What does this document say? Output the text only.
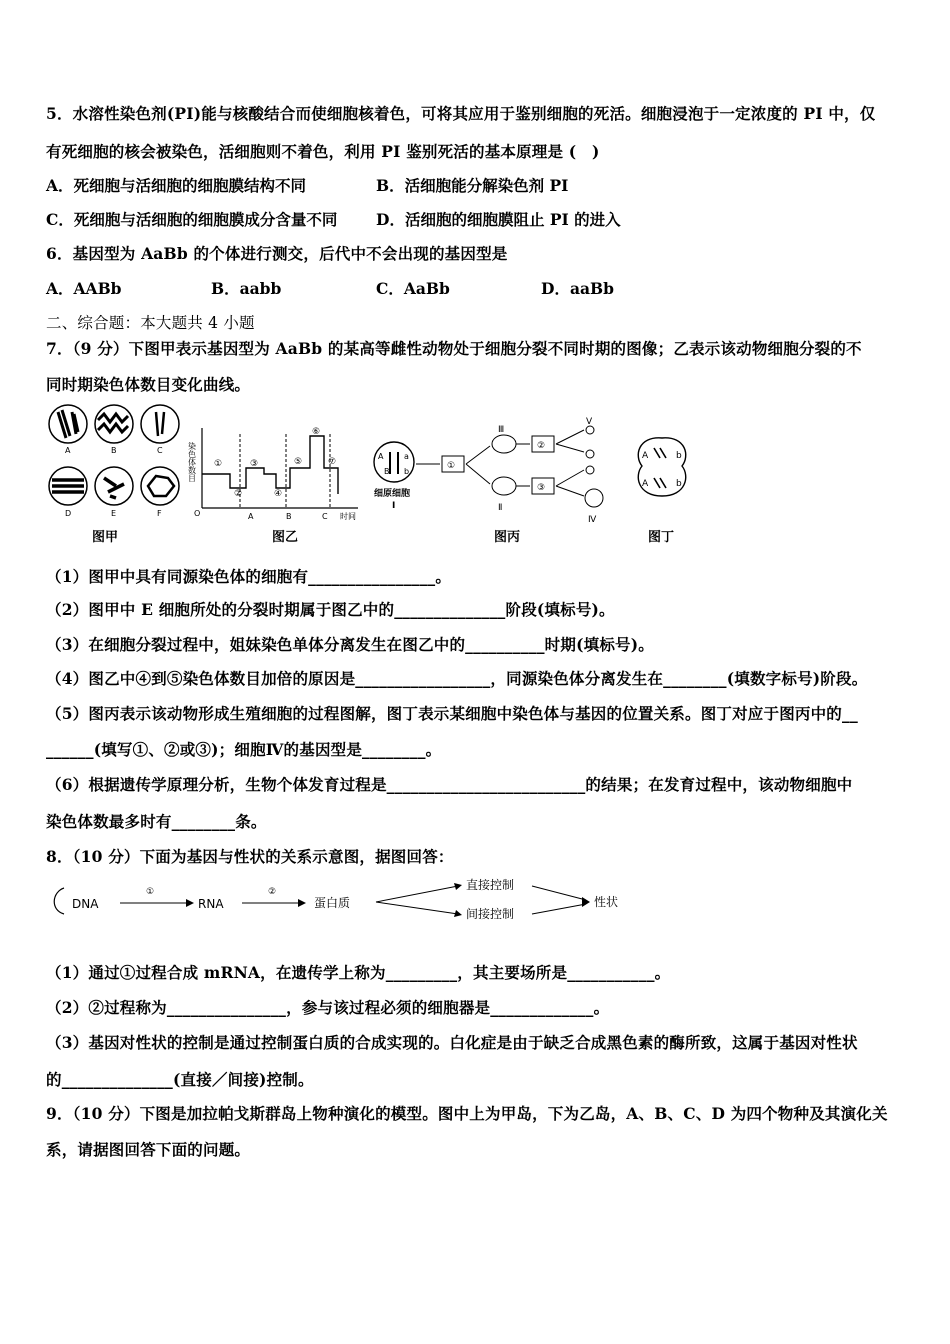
5．水溶性染色剂(PI)能与核酸结合而使细胞核着色，可将其应用于鉴别细胞的死活。细胞浸泡于一定浓度的 PI 中，仅
有死细胞的核会被染色，活细胞则不着色，利用 PI 鉴别死活的基本原理是 (　)
A．死细胞与活细胞的细胞膜结构不同	B．活细胞能分解染色剂 PI
C．死细胞与活细胞的细胞膜成分含量不同 D．活细胞的细胞膜阻止 PI 的进入
6．基因型为 AaBb 的个体进行测交，后代中不会出现的基因型是
A．AABb	B．aabb	C．AaBb	D．aaBb
二、综合题：本大题共 4 小题
7．（9 分）下图甲表示基因型为 AaBb 的某高等雌性动物处于细胞分裂不同时期的图像；乙表示该动物细胞分裂的不
同时期染色体数目变化曲线。
A	B	C
D	E	F
染色体数目
O
①
②
③
④
⑤
⑥
⑦
A	B	C 时间
A	a
B b
细原细胞
Ⅰ
①
Ⅲ
Ⅱ
②
③
Ⅴ
Ⅳ
A	b
A	b
图甲	图乙	图丙	图丁
（1）图甲中具有同源染色体的细胞有________________。
（2）图甲中 E 细胞所处的分裂时期属于图乙中的______________阶段(填标号)。
（3）在细胞分裂过程中，姐妹染色单体分离发生在图乙中的__________时期(填标号)。
（4）图乙中④到⑤染色体数目加倍的原因是_________________，同源染色体分离发生在________(填数字标号)阶段。
（5）图丙表示该动物形成生殖细胞的过程图解，图丁表示某细胞中染色体与基因的位置关系。图丁对应于图丙中的__
______(填写①、②或③)；细胞Ⅳ的基因型是________。
（6）根据遗传学原理分析，生物个体发育过程是_________________________的结果；在发育过程中，该动物细胞中
染色体数最多时有________条。
8．（10 分）下面为基因与性状的关系示意图，据图回答：
DNA
①
RNA
②
蛋白质
直接控制
间接控制
性状
（1）通过①过程合成 mRNA，在遗传学上称为_________，其主要场所是___________。
（2）②过程称为_______________，参与该过程必须的细胞器是_____________。
（3）基因对性状的控制是通过控制蛋白质的合成实现的。白化症是由于缺乏合成黑色素的酶所致，这属于基因对性状
的______________(直接／间接)控制。
9．（10 分）下图是加拉帕戈斯群岛上物种演化的模型。图中上为甲岛，下为乙岛，A、B、C、D 为四个物种及其演化关
系，请据图回答下面的问题。
